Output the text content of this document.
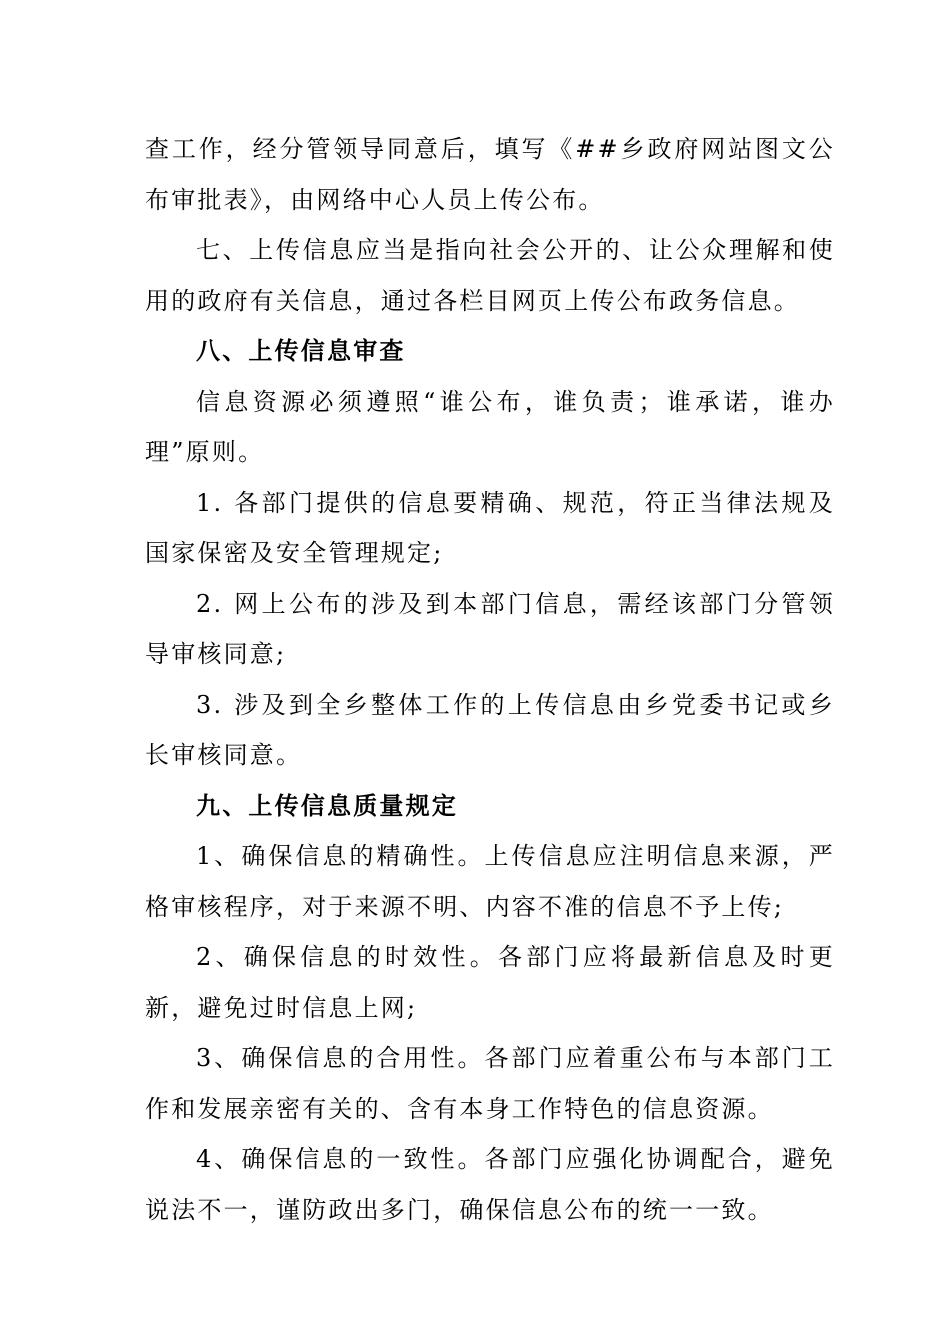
查工作，经分管领导同意后，填写《##乡政府网站图文公布审批表》，由网络中心人员上传公布。

七、上传信息应当是指向社会公开的、让公众理解和使用的政府有关信息，通过各栏目网页上传公布政务信息。

八、上传信息审查

信息资源必须遵照“谁公布，谁负责；谁承诺，谁办理”原则。

1. 各部门提供的信息要精确、规范，符正当律法规及国家保密及安全管理规定;

2. 网上公布的涉及到本部门信息，需经该部门分管领导审核同意;

3. 涉及到全乡整体工作的上传信息由乡党委书记或乡长审核同意。

九、上传信息质量规定

1、确保信息的精确性。上传信息应注明信息来源，严格审核程序，对于来源不明、内容不准的信息不予上传;

2、确保信息的时效性。各部门应将最新信息及时更新，避免过时信息上网;

3、确保信息的合用性。各部门应着重公布与本部门工作和发展亲密有关的、含有本身工作特色的信息资源。

4、确保信息的一致性。各部门应强化协调配合，避免说法不一，谨防政出多门，确保信息公布的统一一致。
